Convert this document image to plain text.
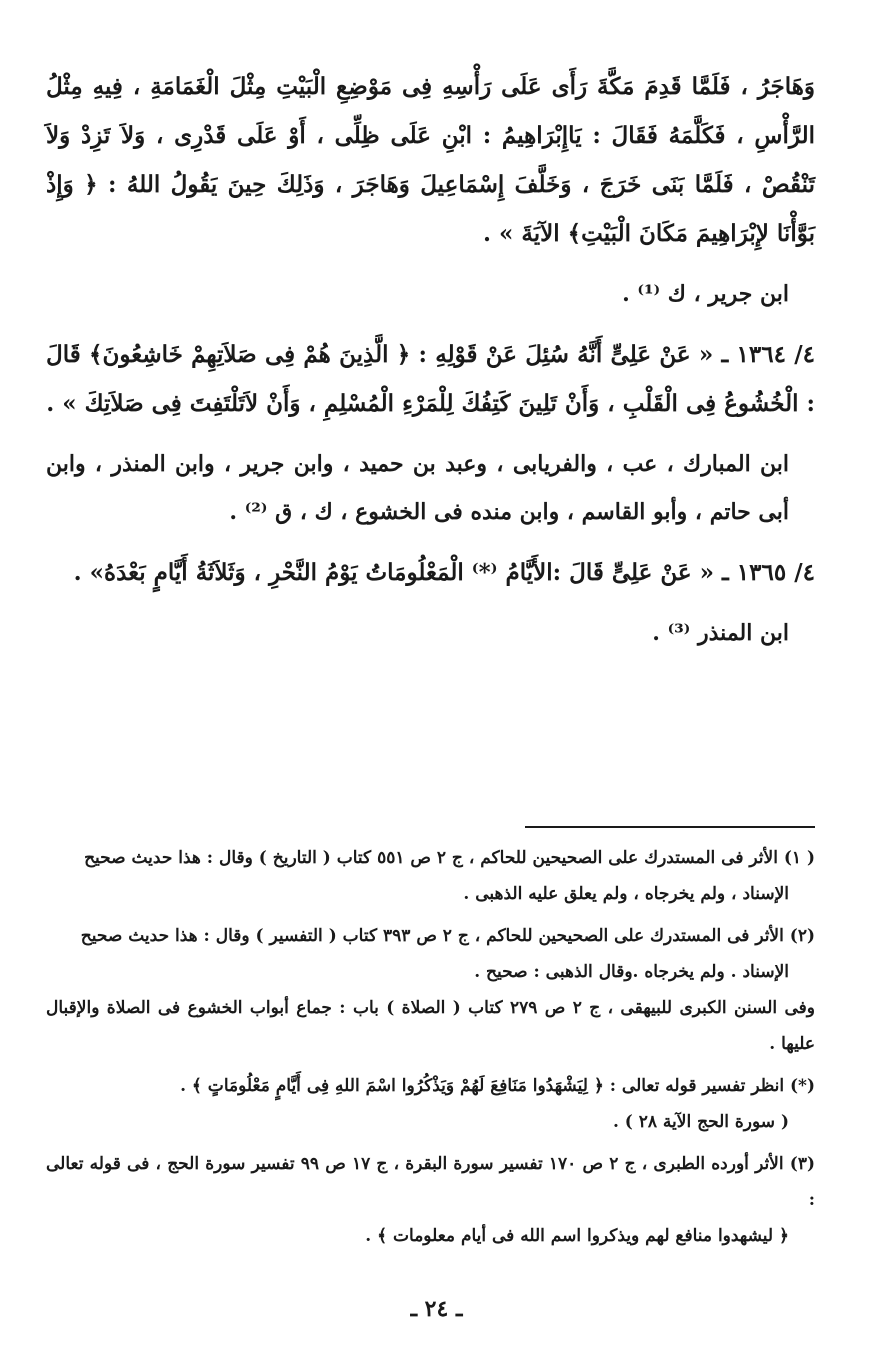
وَهَاجَرُ ، فَلَمَّا قَدِمَ مَكَّةَ رَأَى عَلَى رَأْسِهِ فِى مَوْضِعِ الْبَيْتِ مِثْلَ الْغَمَامَةِ ، فِيهِ مِثْلُ الرَّأْسِ ، فَكَلَّمَهُ فَقَالَ : يَاإِبْرَاهِيمُ : ابْنِ عَلَى ظِلِّى ، أَوْ عَلَى قَدْرِى ، وَلاَ تَزِدْ وَلاَ تَنْقُصْ ، فَلَمَّا بَنَى خَرَجَ ، وَخَلَّفَ إِسْمَاعِيلَ وَهَاجَرَ ، وَذَلِكَ حِينَ يَقُولُ اللهُ : ﴿ وَإِذْ بَوَّأْنَا لإِبْرَاهِيمَ مَكَانَ الْبَيْتِ﴾ الآيَةَ » .

ابن جرير ، ك ⁽¹⁾ .

٤/ ١٣٦٤ ـ « عَنْ عَلِىٍّ أَنَّهُ سُئِلَ عَنْ قَوْلِهِ : ﴿ الَّذِينَ هُمْ فِى صَلاَتِهِمْ خَاشِعُونَ﴾ قَالَ : الْخُشُوعُ فِى الْقَلْبِ ، وَأَنْ تَلِينَ كَتِفُكَ لِلْمَرْءِ الْمُسْلِمِ ، وَأَنْ لاَتَلْتَفِتَ فِى صَلاَتِكَ » .

ابن المبارك ، عب ، والفريابى ، وعبد بن حميد ، وابن جرير ، وابن المنذر ، وابن أبى حاتم ، وأبو القاسم ، وابن منده فى الخشوع ، ك ، ق ⁽²⁾ .

٤/ ١٣٦٥ ـ « عَنْ عَلِىٍّ قَالَ :الأَيَّامُ ⁽*⁾ الْمَعْلُومَاتُ يَوْمُ النَّحْرِ ، وَثَلاَثَةُ أَيَّامٍ بَعْدَهُ» .

ابن المنذر ⁽³⁾ .

( ١) الأثر فى المستدرك على الصحيحين للحاكم ، ج ٢ ص ٥٥١ كتاب ( التاريخ ) وقال : هذا حديث صحيح

الإسناد ، ولم يخرجاه ، ولم يعلق عليه الذهبى .

(٢) الأثر فى المستدرك على الصحيحين للحاكم ، ج ٢ ص ٣٩٣ كتاب ( التفسير ) وقال : هذا حديث صحيح

الإسناد . ولم يخرجاه .وقال الذهبى : صحيح .

وفى السنن الكبرى للبيهقى ، ج ٢ ص ٢٧٩ كتاب ( الصلاة ) باب : جماع أبواب الخشوع فى الصلاة والإقبال عليها .

(*) انظر تفسير قوله تعالى : ﴿ لِيَشْهَدُوا مَنَافِعَ لَهُمْ وَيَذْكُرُوا اسْمَ اللهِ فِى أَيَّامٍ مَعْلُومَاتٍ ﴾ .

( سورة الحج الآية ٢٨ ) .

(٣) الأثر أورده الطبرى ، ج ٢ ص ١٧٠ تفسير سورة البقرة ، ج ١٧ ص ٩٩ تفسير سورة الحج ، فى قوله تعالى :

﴿ ليشهدوا منافع لهم ويذكروا اسم الله فى أيام معلومات ﴾ .

ـ ٢٤ ـ
